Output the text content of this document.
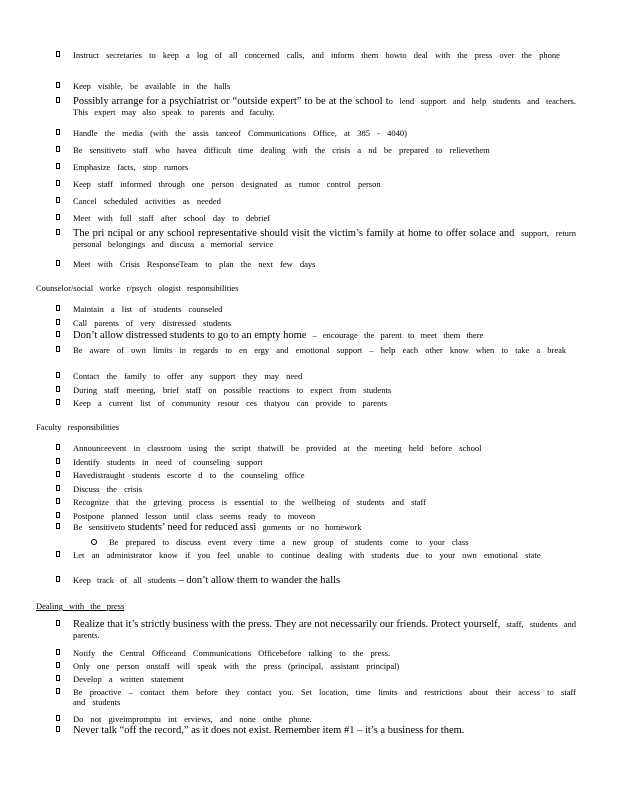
Instruct secretaries to keep a log of all concerned calls, and inform them howto deal with the press over the phone
Keep visible, be available in the halls
Possibly arrange for a psychiatrist or “outside expert” to be at the school to lend support and help students and teachers. This expert may also speak to parents and faculty.
Handle the media (with the assis tanceof Communications Office, at 385 - 4040)
Be sensitiveto staff who havea difficult time dealing with the crisis a nd be prepared to relievethem
Emphasize facts, stop rumors
Keep staff informed through one person designated as rumor control person
Cancel scheduled activities as needed
Meet with full staff after school day to debrief
The pri ncipal or any school representative should visit the victim’s family at home to offer solace and support, return personal belongings and discuss a memorial service
Meet with Crisis ResponseTeam to plan the next few days
Counselor/social worke r/psych ologist responsibilities
Maintain a list of students counseled
Call parents of very distressed students
Don’t allow distressed students to go to an empty home – encourage the parent to meet them there
Be aware of own limits in regards to en ergy and emotional support – help each other know when to take a break
Contact the family to offer any support they may need
During staff meeting, brief staff on possible reactions to expect from students
Keep a current list of community resour ces thatyou can provide to parents
Faculty responsibilities
Announceevent in classroom using the script thatwill be provided at the meeting held before school
Identify students in need of counseling support
Havedistraught students escorte d to the counseling office
Discuss the crisis
Recognize that the grieving process is essential to the wellbeing of students and staff
Postpone planned lesson until class seems ready to moveon
Be sensitiveto students’ need for reduced assi gnments or no homework
Be prepared to discuss event every time a new group of students come to your class
Let an administrator know if you feel unable to continue dealing with students due to your own emotional state
Keep track of all students – don’t allow them to wander the halls
Dealing with the press
Realize that it’s strictly business with the press. They are not necessarily our friends. Protect yourself, staff, students and parents.
Notify the Central Officeand Communications Officebefore talking to the press.
Only one person onstaff will speak with the press (principal, assistant principal)
Develop a written statement
Be proactive – contact them before they contact you. Set location, time limits and restrictions about their access to staff and students
Do not giveimpromptu int erviews, and none onthe phone.
Never talk “off the record,” as it does not exist. Remember item #1 – it’s a business for them.
